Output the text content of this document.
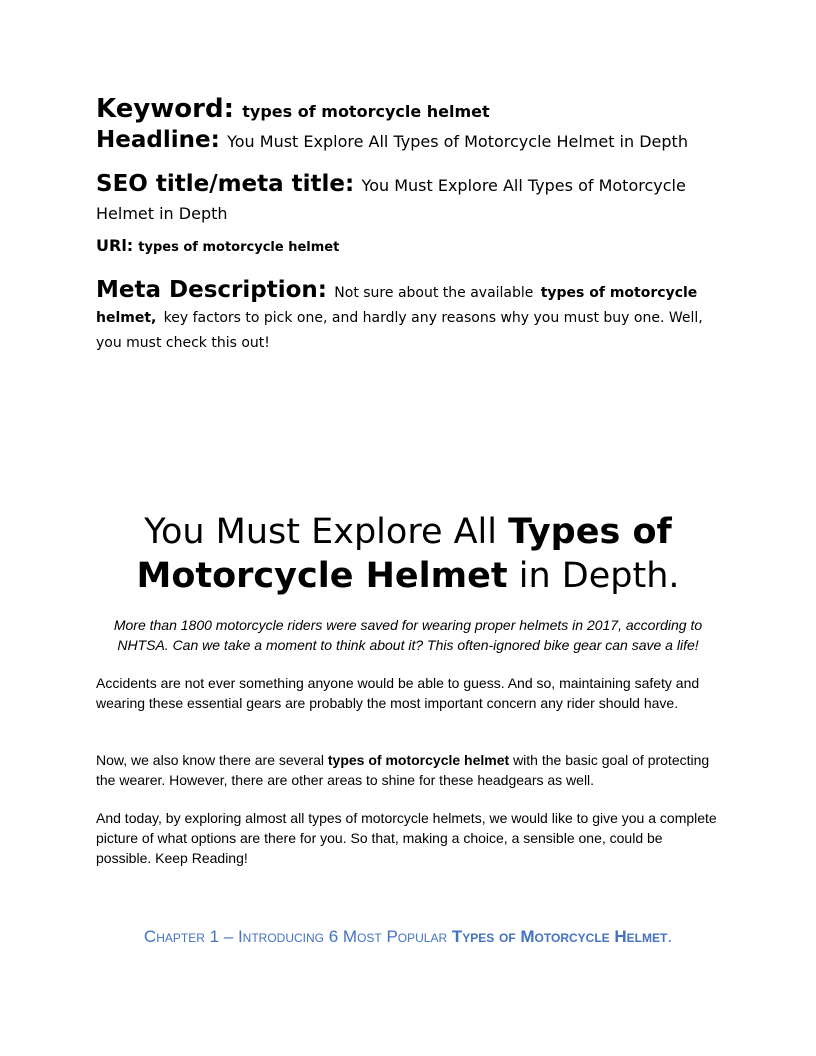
Keyword: types of motorcycle helmet

Headline: You Must Explore All Types of Motorcycle Helmet in Depth

SEO title/meta title: You Must Explore All Types of Motorcycle Helmet in Depth

URl: types of motorcycle helmet

Meta Description: Not sure about the available types of motorcycle helmet, key factors to pick one, and hardly any reasons why you must buy one. Well, you must check this out!

You Must Explore All Types of Motorcycle Helmet in Depth.

More than 1800 motorcycle riders were saved for wearing proper helmets in 2017, according to NHTSA. Can we take a moment to think about it? This often-ignored bike gear can save a life!

Accidents are not ever something anyone would be able to guess. And so, maintaining safety and wearing these essential gears are probably the most important concern any rider should have.

Now, we also know there are several types of motorcycle helmet with the basic goal of protecting the wearer. However, there are other areas to shine for these headgears as well.

And today, by exploring almost all types of motorcycle helmets, we would like to give you a complete picture of what options are there for you. So that, making a choice, a sensible one, could be possible. Keep Reading!

Chapter 1 – Introducing 6 Most Popular Types of Motorcycle Helmet.
